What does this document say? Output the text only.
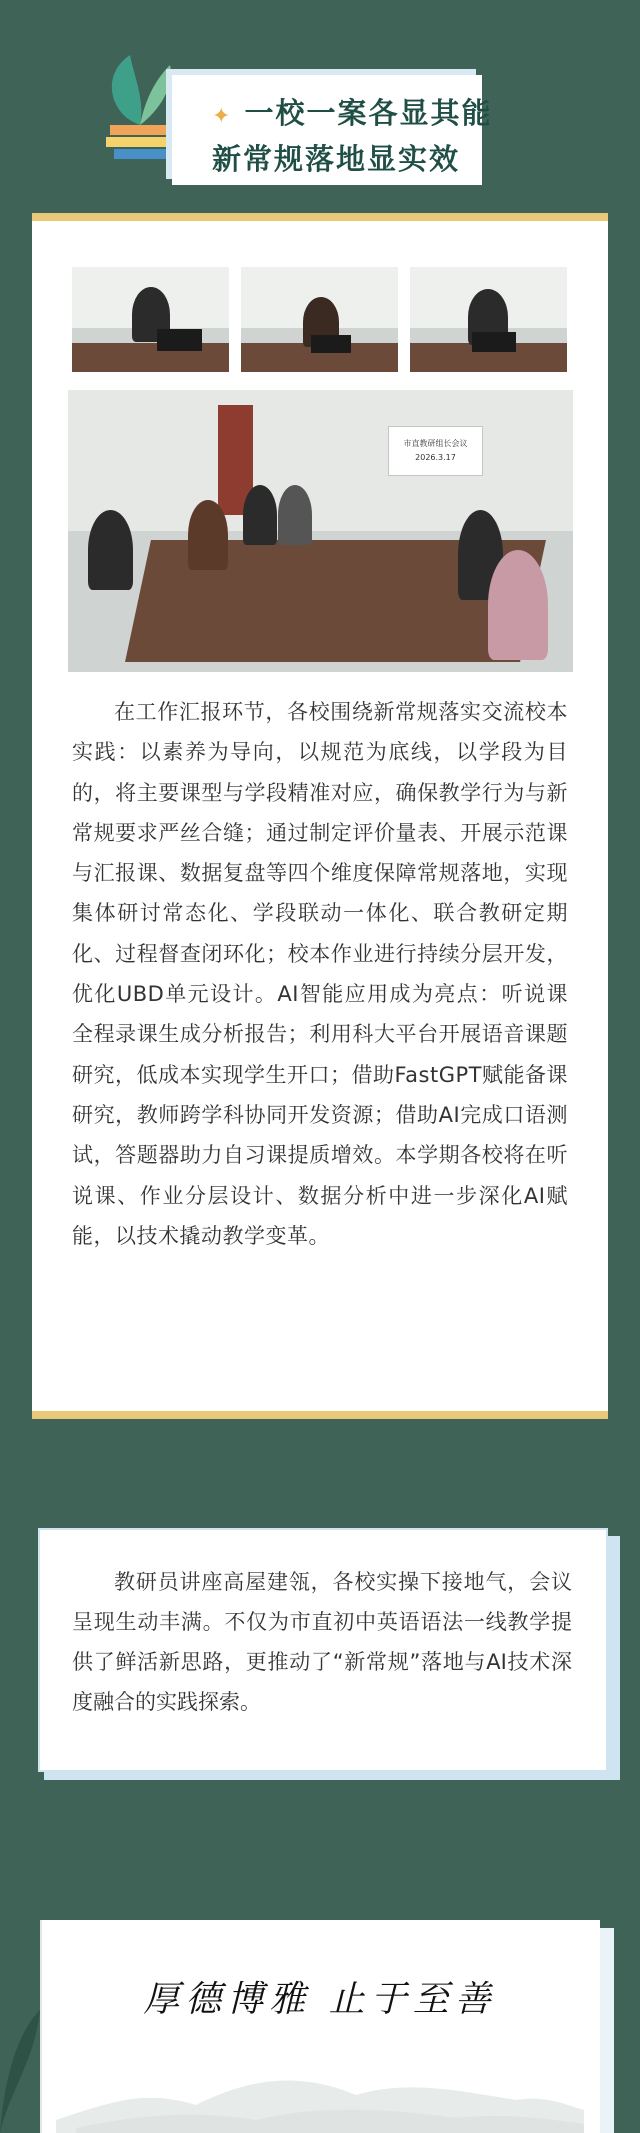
✦ 一校一案各显其能
新常规落地显实效
市直教研组长会议
2026.3.17
在工作汇报环节，各校围绕新常规落实交流校本实践：以素养为导向，以规范为底线，以学段为目的，将主要课型与学段精准对应，确保教学行为与新常规要求严丝合缝；通过制定评价量表、开展示范课与汇报课、数据复盘等四个维度保障常规落地，实现集体研讨常态化、学段联动一体化、联合教研定期化、过程督查闭环化；校本作业进行持续分层开发，优化UBD单元设计。AI智能应用成为亮点：听说课全程录课生成分析报告；利用科大平台开展语音课题研究，低成本实现学生开口；借助FastGPT赋能备课研究，教师跨学科协同开发资源；借助AI完成口语测试，答题器助力自习课提质增效。本学期各校将在听说课、作业分层设计、数据分析中进一步深化AI赋能，以技术撬动教学变革。
教研员讲座高屋建瓴，各校实操下接地气，会议呈现生动丰满。不仅为市直初中英语语法一线教学提供了鲜活新思路，更推动了“新常规”落地与AI技术深度融合的实践探索。
厚德博雅 止于至善
